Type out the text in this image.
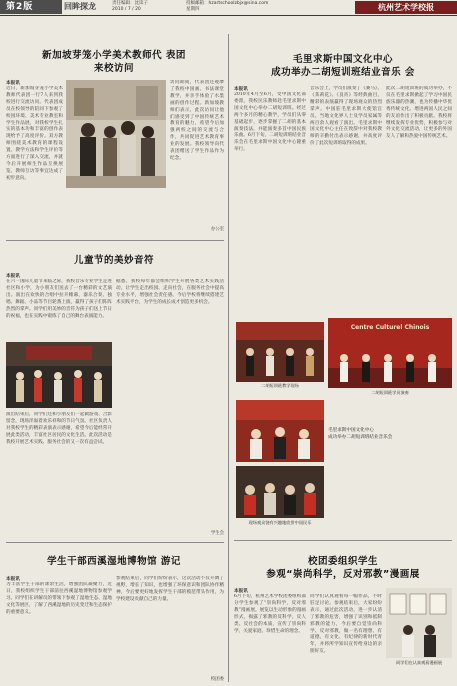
第2版	回眸探龙	责任编辑：沈读子
2010 / 7 / 20
投稿邮箱：hzartschoolzbjx@sina.com
星期四	杭州艺术学校报
新加坡芽笼小学美术教师代 表团
来校访问
本报讯
近日，新加坡芽笼小学美术教师代表团一行7人来到我校进行交流访问。代表团成员在校领导的陪同下参观了校园环境、美术专业教室和学生作品展，对我校学生扎实的基本功和丰富的创作表现给予了高度评价。双方教师围绕美术教育的课程设置、教学方法和学生评价等方面进行了深入交流，并就今后开展师生作品互换展览、教师互访等事宜达成了初步意向。
访问期间，代表团还观摩了我校中国画、书法课堂教学，并亲手体验了水墨画的创作过程。新加坡教师们表示，此次访问让他们感受到了中国传统艺术教育的魅力，希望今后加强两校之间的交流与合作，共同促进艺术教育事业的发展。我校领导向代表团赠送了学生作品作为纪念。
办公室
儿童节的美妙音符
本报讯
在六一国际儿童节来临之际，我校音乐专业学生走进社区和小学，为小朋友们送去了一台精彩的文艺演出。演出在欢快的合唱中拉开帷幕，器乐合奏、独唱、舞蹈、小品等节目轮番上演，赢得了孩子们阵阵热烈的掌声。同学们用美妙的音符为孩子们送上节日的祝福，也在实践中锻炼了自己的舞台表演能力。
演出结束后，同学们还和小朋友们一起做游戏、合影留念，现场洋溢着欢乐祥和的节日气氛。社区负责人对我校学生的精彩表演表示感谢，希望今后能经常开展此类活动，丰富社区居民的文化生活。此次活动是我校开展艺术实践、服务社会的又一次有益尝试。
据悉，我校每年都会组织学生开展各类艺术实践活动，让学生走出校园、走向社会，在服务社会中提高专业水平，增强社会责任感。今后学校将继续搭建艺术实践平台，为学生的成长成才创造更多机会。
学生会
学生干部西溪湿地博物馆 游记
本报讯
为丰富学生干部的课余生活，增强团队凝聚力，近日，我校组织学生干部前往西溪湿地博物馆参观学习。同学们在讲解员的带领下参观了湿地生态、湿地文化等展区，了解了西溪湿地的历史变迁和生态保护的重要意义。
参观结束后，同学们纷纷表示，这次活动不仅开阔了视野，增长了知识，也增强了环保意识和团队协作精神，今后要更好地发挥学生干部的模范带头作用，为学校建设贡献自己的力量。
校团委
毛里求斯中国文化中心
成功举办二胡短训班结业音乐 会
本报讯
2010年4月至6月，受中国文化部委派，我校民乐教师赴毛里求斯中国文化中心举办二胡短训班。经过两个多月的精心教学，学员们从零基础起步，逐步掌握了二胡的基本演奏技法，并能演奏多首中国民族乐曲。6月下旬，二胡短训班结业音乐会在毛里求斯中国文化中心隆重举行。
音乐会上，学员们演奏了《赛马》、《茉莉花》、《良宵》等经典曲目，精彩的表演赢得了现场观众的热烈掌声。中国驻毛里求斯大使馆官员、当地文化界人士及学员家属等两百余人观看了演出。毛里求斯中国文化中心主任在致辞中对我校教师的辛勤付出表示感谢，并高度评价了此次短训班取得的成果。
此次二胡短训班的成功举办，不仅在毛里求斯掀起了学习中国民族乐器的热潮，也为传播中华优秀传统文化、增进两国人民之间的友谊作出了积极贡献。我校将继续发挥专业优势，积极参与对外文化交流活动，让更多的外国友人了解和热爱中国传统艺术。
Centre Culturel Chinois
二胡短训班教学现场
二胡短训班学员演奏

毛里求斯中国文化中心
成功举办二胡短训班结业音乐会

现场观众饶有兴趣地欣赏中国民乐
校团委组织学生
参观“崇尚科学，反对邪教”漫画展
本报讯
6月下旬，杭州艺术学校团委组织部分学生参观了“崇尚科学，反对邪教”漫画展。展览以生动形象的漫画形式，揭露了邪教的反科学、反人类、反社会的本质，宣传了崇尚科学、关爱家庭、珍惜生命的理念。
同学们认真观看每一幅作品，不时驻足讨论。参观结束后，大家纷纷表示，通过此次活动，进一步认清了邪教的危害，增强了识别和抵制邪教的能力，今后要自觉崇尚科学、反对邪教，做一名有理想、有道德、有文化、有纪律的新时代青年，并将所学知识宣传给身边的亲朋好友。
同学们在认真观看漫画展
